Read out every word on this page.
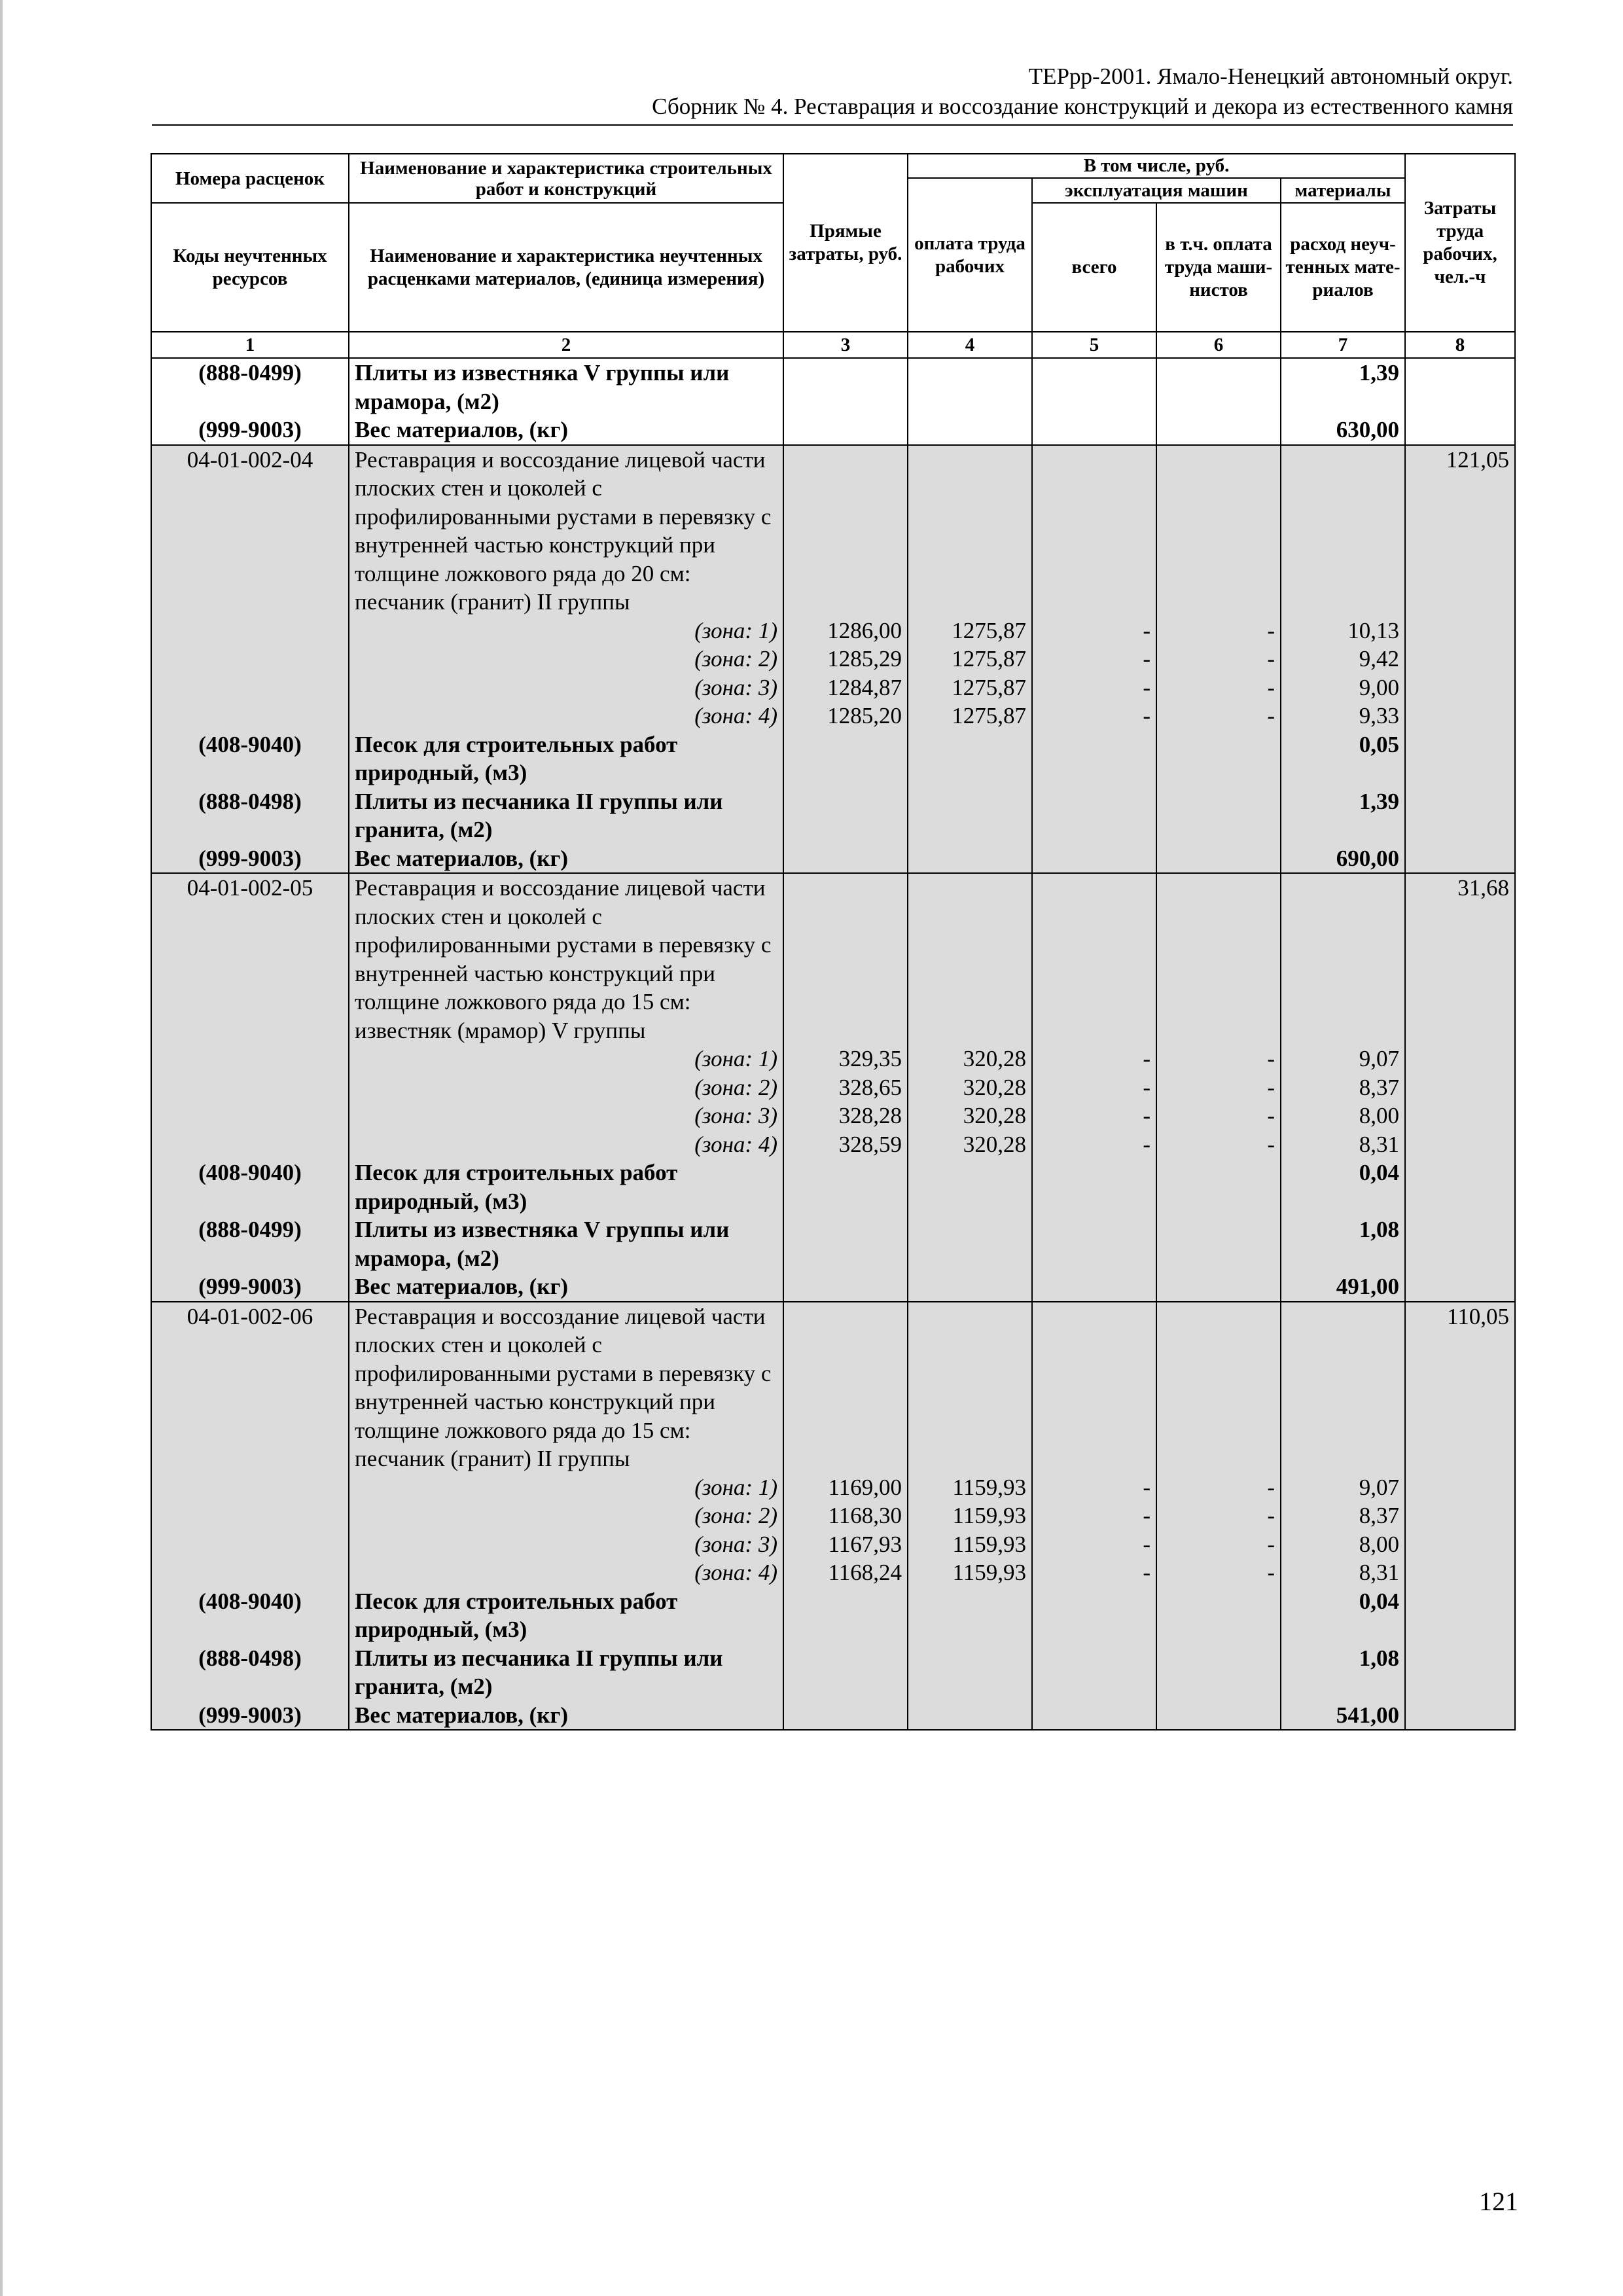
ТЕРрр-2001. Ямало-Ненецкий автономный округ.
Сборник № 4. Реставрация и воссоздание конструкций и декора из естественного камня
Номера расценок	Наименование и характеристика строительных работ и конструкций	Прямые затраты, руб.	В том числе, руб.				Затраты труда рабочих, чел.-ч
			оплата труда рабочих	эксплуатация машин		материалы	
Коды неучтенных ресурсов	Наименование и характеристика неучтенных расценками материалов, (единица измерения)			всего	в т.ч. оплата труда маши-нистов	расход неуч-тенных мате-риалов	
1	2	3	4	5	6	7	8
(888-0499)	Плиты из известняка V группы или мрамора, (м2)					1,39	
(999-9003)	Вес материалов, (кг)					630,00	
04-01-002-04	Реставрация и воссоздание лицевой части плоских стен и цоколей с профилированными рустами в перевязку с внутренней частью конструкций при толщине ложкового ряда до 20 см: песчаник (гранит) II группы						121,05
	(зона: 1)	1286,00	1275,87	-	-	10,13	
	(зона: 2)	1285,29	1275,87	-	-	9,42	
	(зона: 3)	1284,87	1275,87	-	-	9,00	
	(зона: 4)	1285,20	1275,87	-	-	9,33	
(408-9040)	Песок для строительных работ природный, (м3)					0,05	
(888-0498)	Плиты из песчаника II группы или гранита, (м2)					1,39	
(999-9003)	Вес материалов, (кг)					690,00	
04-01-002-05	Реставрация и воссоздание лицевой части плоских стен и цоколей с профилированными рустами в перевязку с внутренней частью конструкций при толщине ложкового ряда до 15 см: известняк (мрамор) V группы						31,68
	(зона: 1)	329,35	320,28	-	-	9,07	
	(зона: 2)	328,65	320,28	-	-	8,37	
	(зона: 3)	328,28	320,28	-	-	8,00	
	(зона: 4)	328,59	320,28	-	-	8,31	
(408-9040)	Песок для строительных работ природный, (м3)					0,04	
(888-0499)	Плиты из известняка V группы или мрамора, (м2)					1,08	
(999-9003)	Вес материалов, (кг)					491,00	
04-01-002-06	Реставрация и воссоздание лицевой части плоских стен и цоколей с профилированными рустами в перевязку с внутренней частью конструкций при толщине ложкового ряда до 15 см: песчаник (гранит) II группы						110,05
	(зона: 1)	1169,00	1159,93	-	-	9,07	
	(зона: 2)	1168,30	1159,93	-	-	8,37	
	(зона: 3)	1167,93	1159,93	-	-	8,00	
	(зона: 4)	1168,24	1159,93	-	-	8,31	
(408-9040)	Песок для строительных работ природный, (м3)					0,04	
(888-0498)	Плиты из песчаника II группы или гранита, (м2)					1,08	
(999-9003)	Вес материалов, (кг)					541,00	
121
